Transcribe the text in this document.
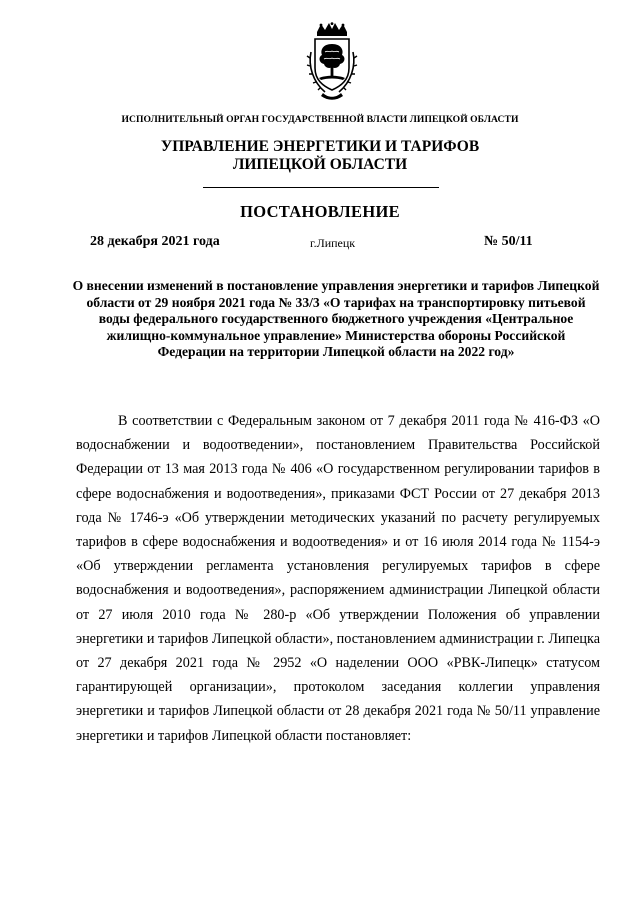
ИСПОЛНИТЕЛЬНЫЙ ОРГАН ГОСУДАРСТВЕННОЙ ВЛАСТИ ЛИПЕЦКОЙ ОБЛАСТИ
УПРАВЛЕНИЕ ЭНЕРГЕТИКИ И ТАРИФОВ
ЛИПЕЦКОЙ ОБЛАСТИ
ПОСТАНОВЛЕНИЕ
28 декабря 2021 года	г.Липецк	№ 50/11
О внесении изменений в постановление управления энергетики и тарифов Липецкой области от 29 ноября 2021 года № 33/3 «О тарифах на транспортировку питьевой воды федерального государственного бюджетного учреждения «Центральное жилищно-коммунальное управление» Министерства обороны Российской Федерации на территории Липецкой области на 2022 год»

В соответствии с Федеральным законом от 7 декабря 2011 года № 416-ФЗ «О водоснабжении и водоотведении», постановлением Правительства Российской Федерации от 13 мая 2013 года № 406 «О государственном регулировании тарифов в сфере водоснабжения и водоотведения», приказами ФСТ России от 27 декабря 2013 года № 1746-э «Об утверждении методических указаний по расчету регулируемых тарифов в сфере водоснабжения и водоотведения» и от 16 июля 2014 года № 1154-э «Об утверждении регламента установления регулируемых тарифов в сфере водоснабжения и водоотведения», распоряжением администрации Липецкой области от 27 июля 2010 года № 280-р «Об утверждении Положения об управлении энергетики и тарифов Липецкой области», постановлением администрации г. Липецка от 27 декабря 2021 года № 2952 «О наделении ООО «РВК-Липецк» статусом гарантирующей организации», протоколом заседания коллегии управления энергетики и тарифов Липецкой области от 28 декабря 2021 года № 50/11 управление энергетики и тарифов Липецкой области постановляет:
